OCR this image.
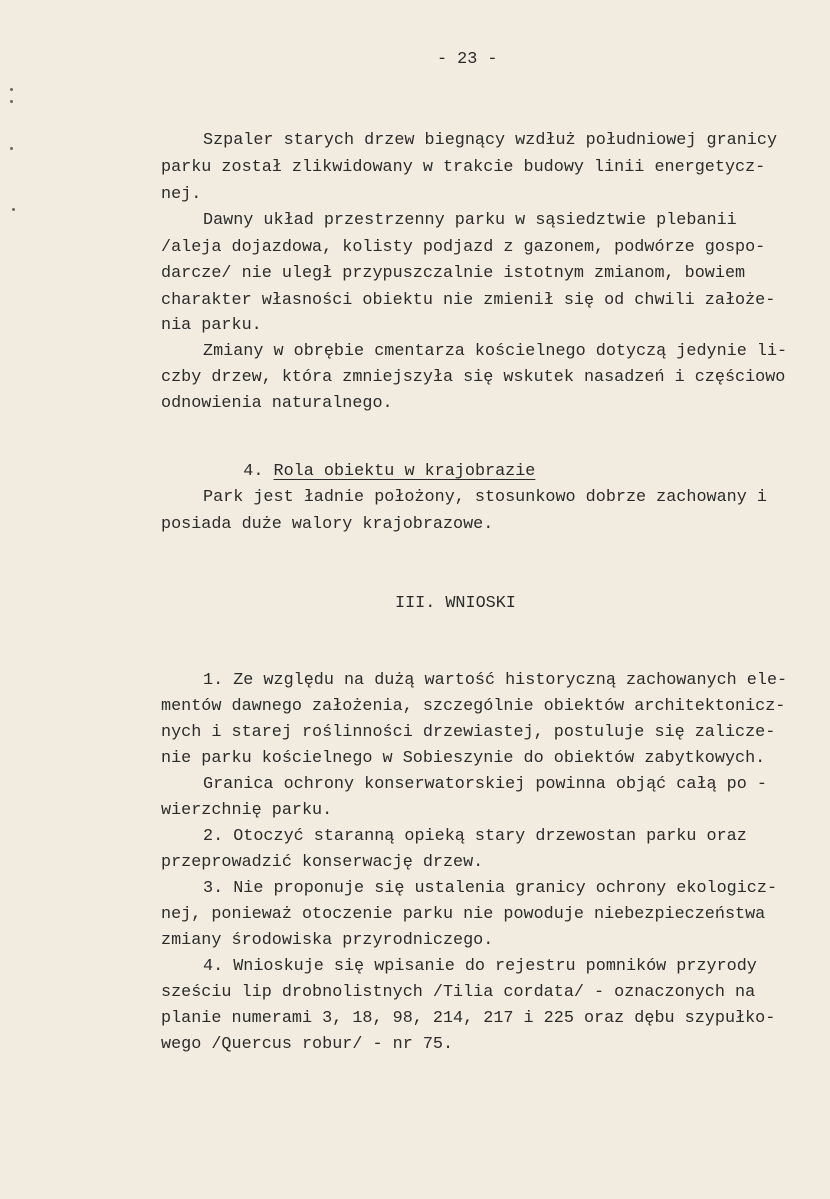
- 23 -
Szpaler starych drzew biegnący wzdłuż południowej granicy
parku został zlikwidowany w trakcie budowy linii energetycz-
nej.
Dawny układ przestrzenny parku w sąsiedztwie plebanii
/aleja dojazdowa, kolisty podjazd z gazonem, podwórze gospo-
darcze/ nie uległ przypuszczalnie istotnym zmianom, bowiem
charakter własności obiektu nie zmienił się od chwili założe-
nia parku.
Zmiany w obrębie cmentarza kościelnego dotyczą jedynie li-
czby drzew, która zmniejszyła się wskutek nasadzeń i częściowo
odnowienia naturalnego.

4. Rola obiektu w krajobrazie

Park jest ładnie położony, stosunkowo dobrze zachowany i
posiada duże walory krajobrazowe.
III. WNIOSKI
1. Ze względu na dużą wartość historyczną zachowanych ele-
mentów dawnego założenia, szczególnie obiektów architektonicz-
nych i starej roślinności drzewiastej, postuluje się zalicze-
nie parku kościelnego w Sobieszynie do obiektów zabytkowych.
Granica ochrony konserwatorskiej powinna objąć całą po -
wierzchnię parku.
2. Otoczyć staranną opieką stary drzewostan parku oraz
przeprowadzić konserwację drzew.
3. Nie proponuje się ustalenia granicy ochrony ekologicz-
nej, ponieważ otoczenie parku nie powoduje niebezpieczeństwa
zmiany środowiska przyrodniczego.
4. Wnioskuje się wpisanie do rejestru pomników przyrody
sześciu lip drobnolistnych /Tilia cordata/ - oznaczonych na
planie numerami 3, 18, 98, 214, 217 i 225 oraz dębu szypułko-
wego /Quercus robur/ - nr 75.
